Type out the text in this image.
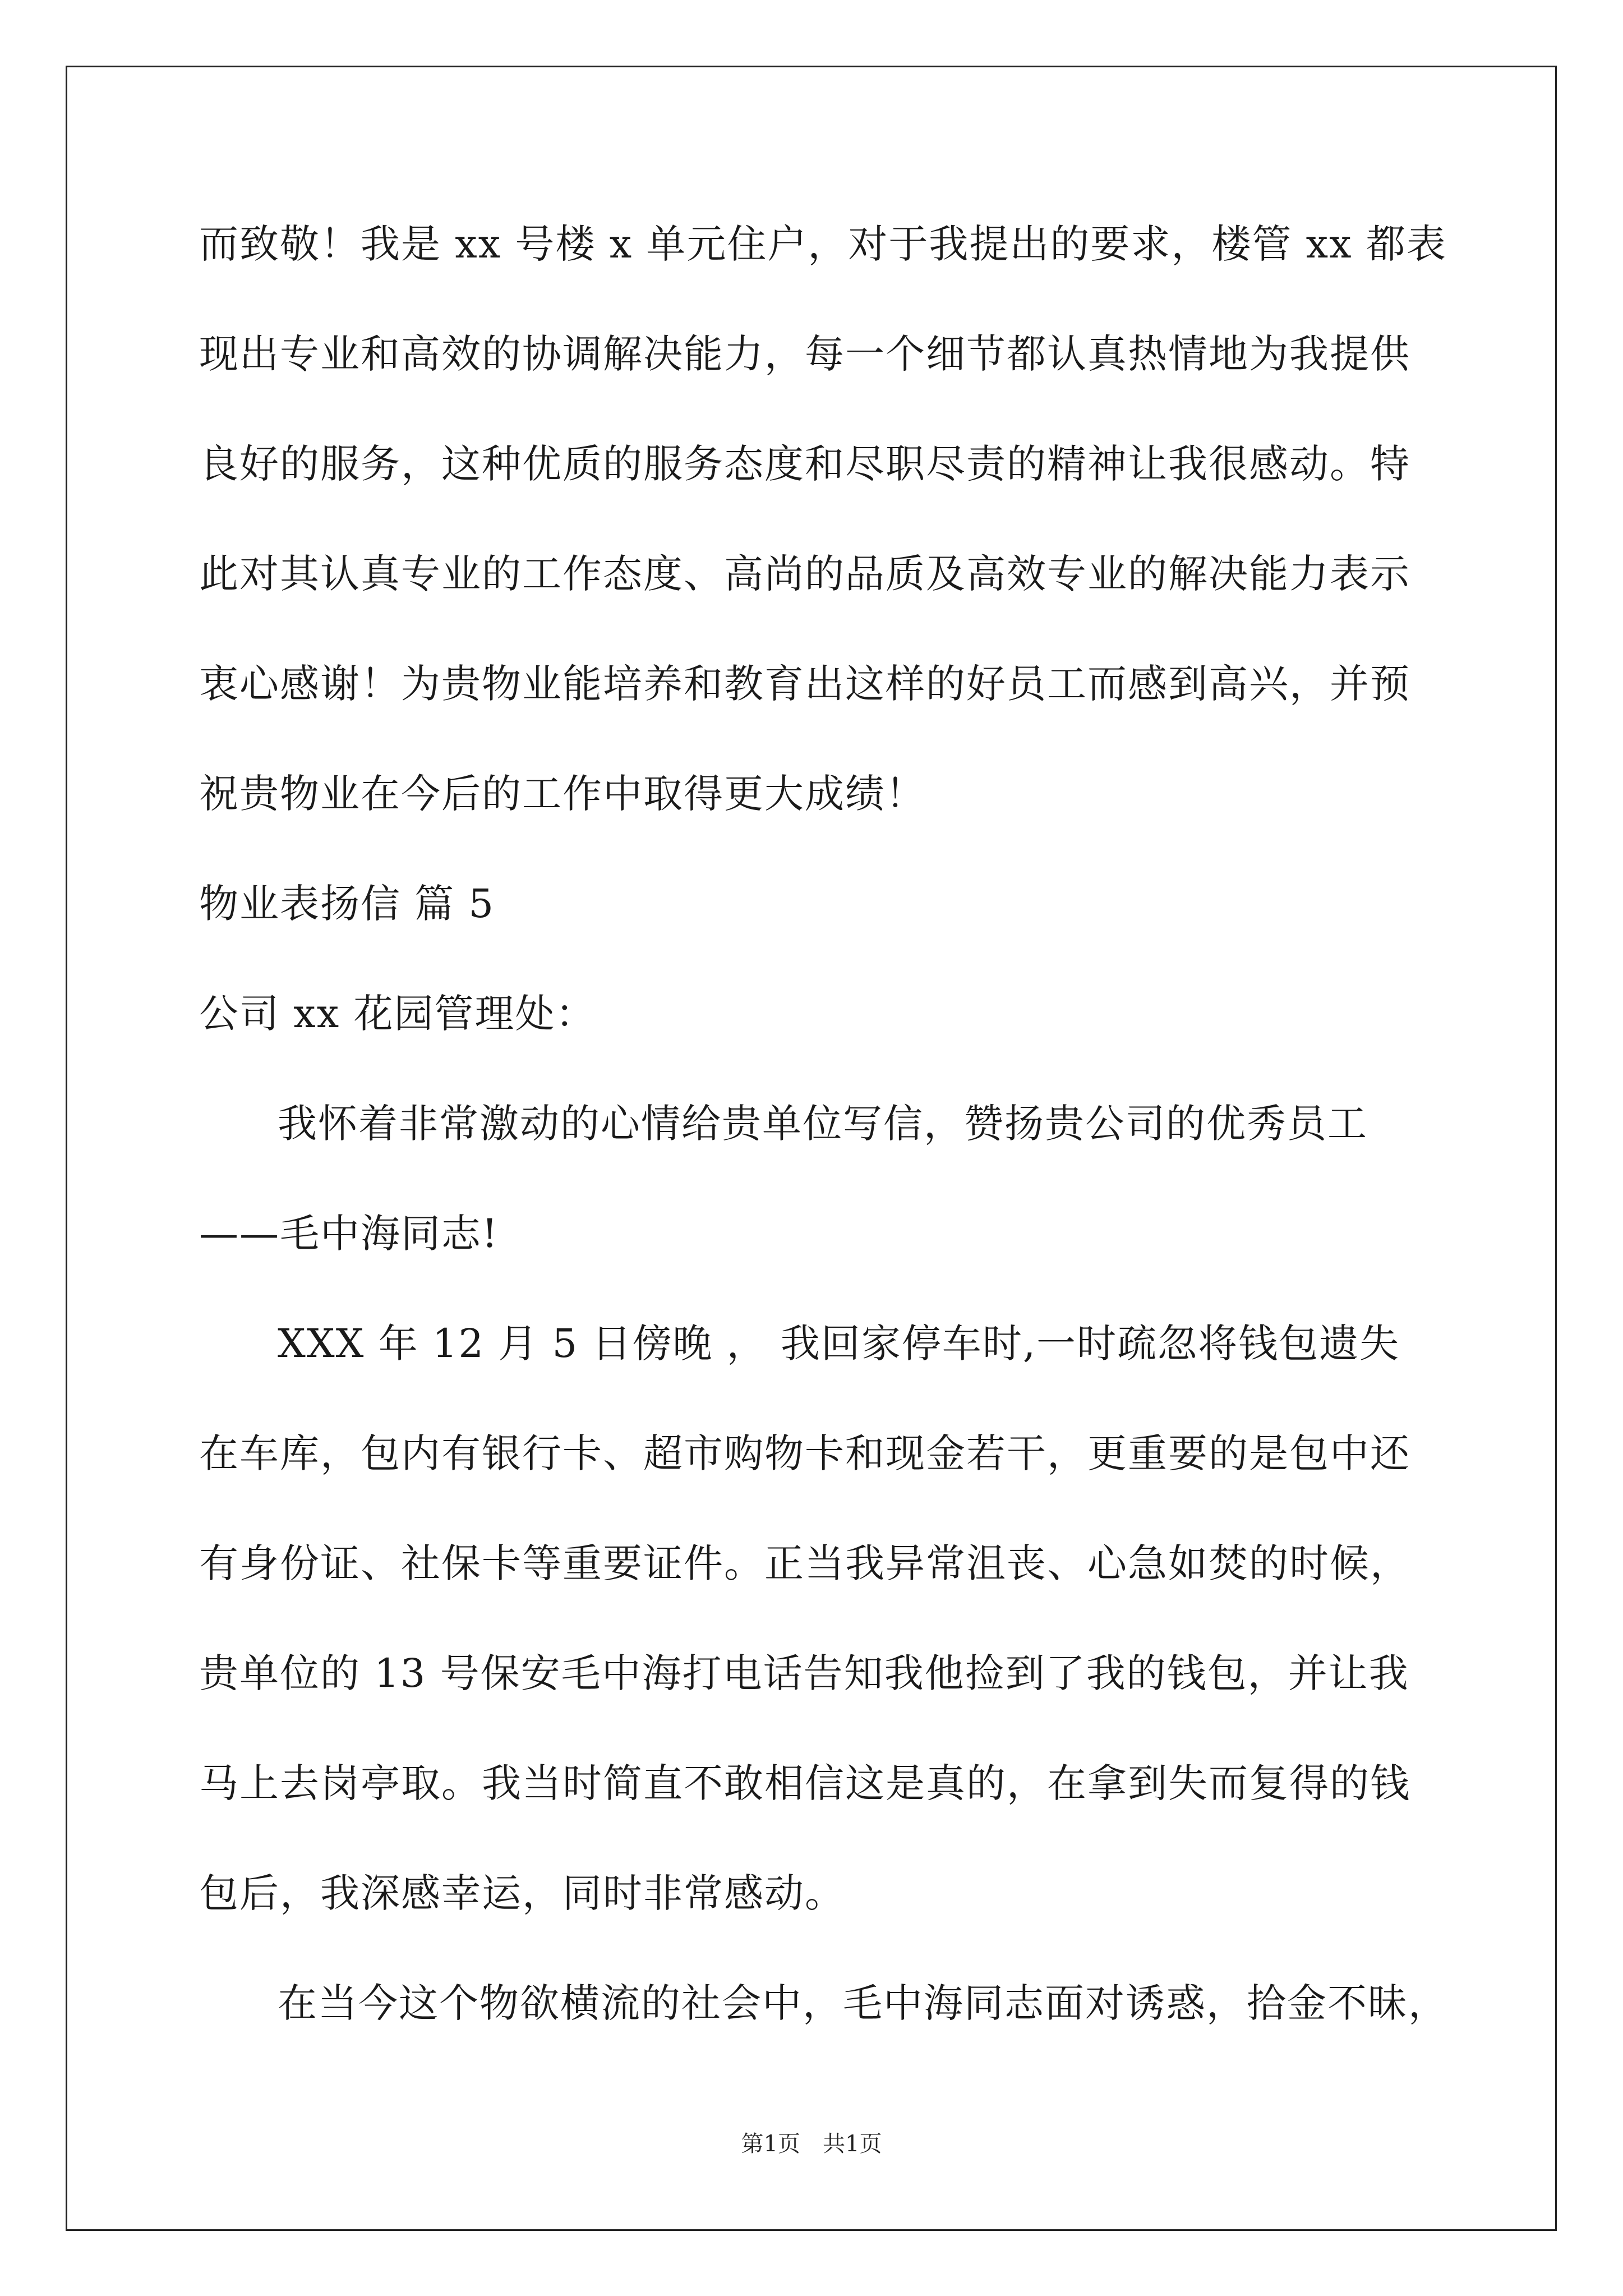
而致敬！我是 xx 号楼 x 单元住户，对于我提出的要求，楼管 xx 都表
现出专业和高效的协调解决能力，每一个细节都认真热情地为我提供
良好的服务，这种优质的服务态度和尽职尽责的精神让我很感动。特
此对其认真专业的工作态度、高尚的品质及高效专业的解决能力表示
衷心感谢！为贵物业能培养和教育出这样的好员工而感到高兴，并预
祝贵物业在今后的工作中取得更大成绩！
物业表扬信 篇 5
公司 xx 花园管理处：
我怀着非常激动的心情给贵单位写信，赞扬贵公司的优秀员工
——毛中海同志!
XXX 年 12 月 5 日傍晚 ， 我回家停车时,一时疏忽将钱包遗失
在车库，包内有银行卡、超市购物卡和现金若干，更重要的是包中还
有身份证、社保卡等重要证件。正当我异常沮丧、心急如焚的时候，
贵单位的 13 号保安毛中海打电话告知我他捡到了我的钱包，并让我
马上去岗亭取。我当时简直不敢相信这是真的，在拿到失而复得的钱
包后，我深感幸运，同时非常感动。
在当今这个物欲横流的社会中，毛中海同志面对诱惑，拾金不昧，
第1页　共1页
